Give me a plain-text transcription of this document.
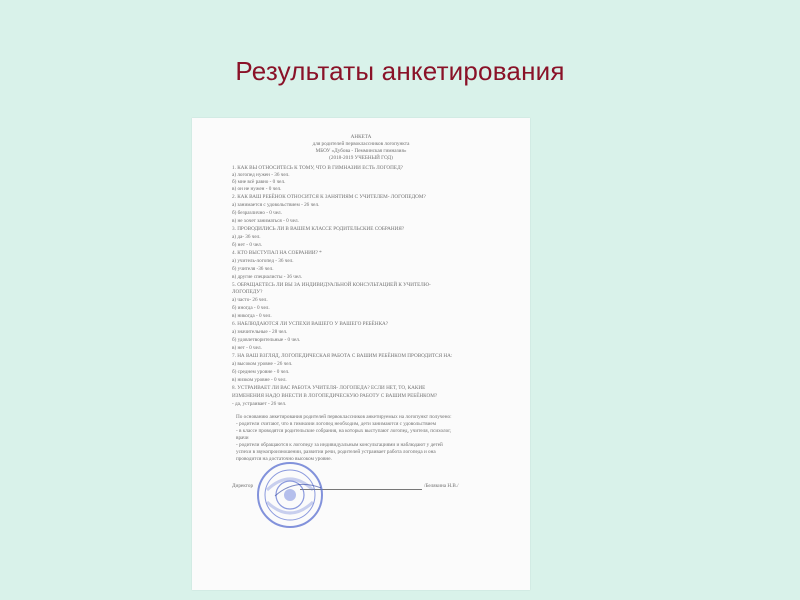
Результаты анкетирования
АНКЕТА
для родителей первоклассников логопункта
МБОУ «Дубова - Пемминская гимназия»
(2018-2019 УЧЕБНЫЙ ГОД)
1. КАК ВЫ ОТНОСИТЕСЬ К ТОМУ, ЧТО В ГИМНАЗИИ ЕСТЬ ЛОГОПЕД?
а) логопед нужен - 36 чел.
б) мне всё равно - 0 чел.
в) он не нужен - 0 чел.
2. КАК ВАШ РЕБЁНОК ОТНОСИТСЯ К ЗАНЯТИЯМ С УЧИТЕЛЕМ- ЛОГОПЕДОМ?
а) занимается с удовольствием - 26 чел.
б) безразлично - 0 чел.
в) не хочет заниматься - 0 чел.
3. ПРОВОДИЛИСЬ ЛИ В ВАШЕМ КЛАССЕ РОДИТЕЛЬСКИЕ СОБРАНИЯ?
а) да- 36 чел.
б) нет - 0 чел.
4. КТО ВЫСТУПАЛ НА СОБРАНИИ? *
а) учитель-логопед - 36 чел.
б) учителя -36 чел.
в) другие специалисты - 36 чел.
5. ОБРАЩАЕТЕСЬ ЛИ ВЫ ЗА ИНДИВИДУАЛЬНОЙ КОНСУЛЬТАЦИЕЙ К УЧИТЕЛЮ-
ЛОГОПЕДУ?
а) часто- 26 чел.
б) иногда - 0 чел.
в) никогда - 0 чел.
6. НАБЛЮДАЮТСЯ ЛИ УСПЕХИ ВАШЕГО У ВАШЕГО РЕБЁНКА?
а) значительные - 28 чел.
б) удовлетворительные - 0 чел.
в) нет - 0 чел.
7. НА ВАШ ВЗГЛЯД, ЛОГОПЕДИЧЕСКАЯ РАБОТА С ВАШИМ РЕБЁНКОМ ПРОВОДИТСЯ НА:
а) высоком уровне - 26 чел.
б) среднем уровне - 0 чел.
в) низком уровне - 0 чел.
8. УСТРАИВАЕТ ЛИ ВАС РАБОТА УЧИТЕЛЯ- ЛОГОПЕДА? ЕСЛИ НЕТ, ТО, КАКИЕ
ИЗМЕНЕНИЯ НАДО ВНЕСТИ В ЛОГОПЕДИЧЕСКУЮ РАБОТУ С ВАШИМ РЕБЁНКОМ?
- да, устраивает - 26 чел.
По основанию анкетирования родителей первоклассников анкетируемых на логопункт получено:
- родители считают, что в гимназии логопед необходим, дети занимаются с удовольствием
- в классе проводятся родительские собрания, на которых выступают логопед, учителя, психолог,
врачи
- родители обращаются к логопеду за индивидуальным консультациями и наблюдают у детей
успехи в звукопроизношении, развитии речи, родителей устраивает работа логопеда и она
проводится на достаточно высоком уровне.
Директор	/Белякина Н.В./
